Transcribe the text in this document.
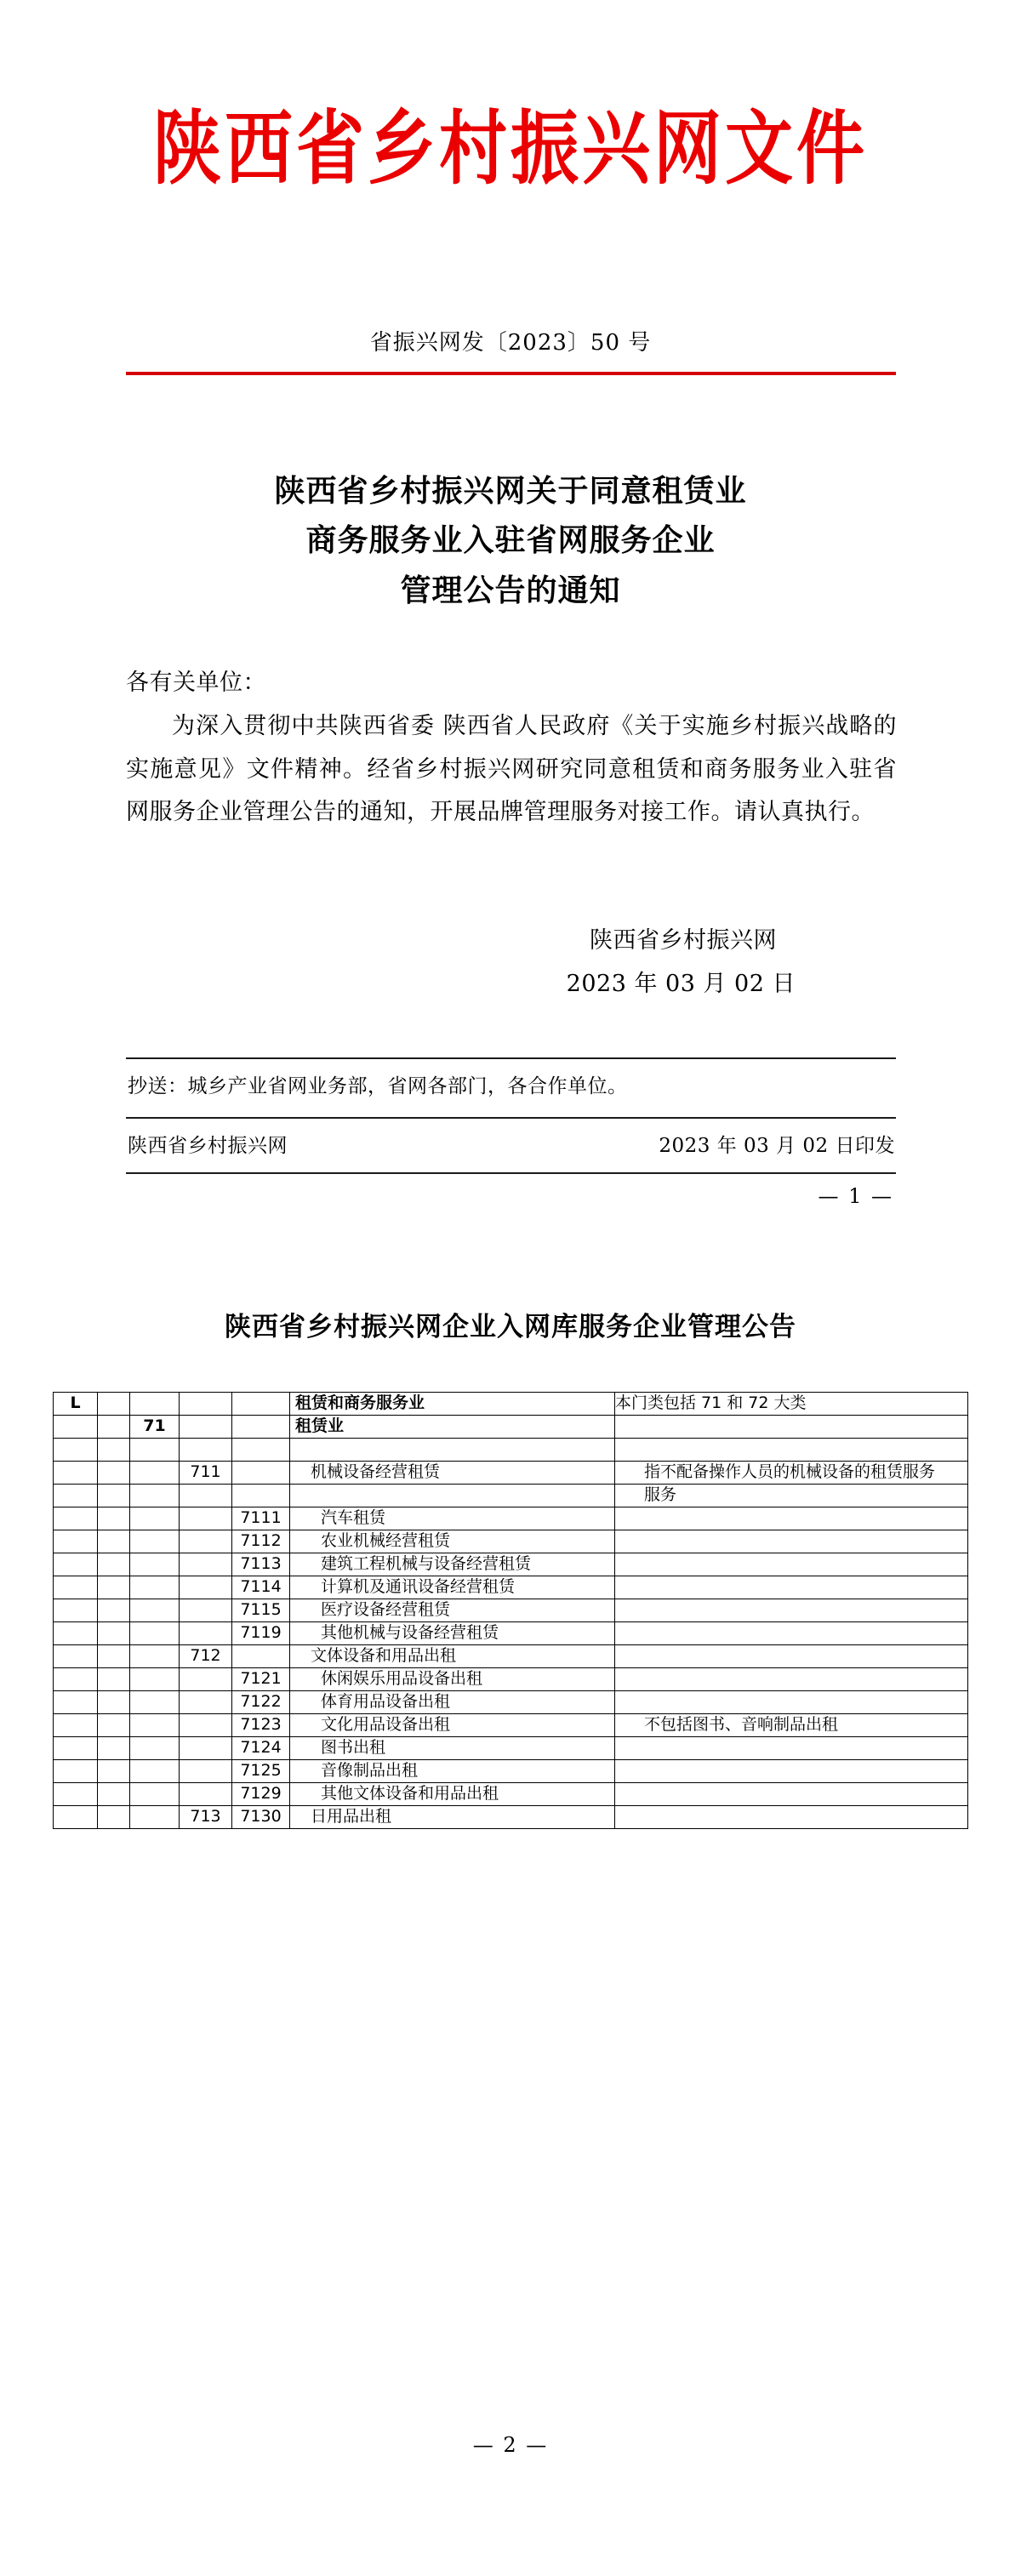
陕西省乡村振兴网文件
省振兴网发〔2023〕50 号
陕西省乡村振兴网关于同意租赁业
商务服务业入驻省网服务企业
管理公告的通知
各有关单位：
为深入贯彻中共陕西省委 陕西省人民政府《关于实施乡村振兴战略的实施意见》文件精神。经省乡村振兴网研究同意租赁和商务服务业入驻省网服务企业管理公告的通知，开展品牌管理服务对接工作。请认真执行。
陕西省乡村振兴网
2023 年 03 月 02 日
抄送：城乡产业省网业务部，省网各部门，各合作单位。
陕西省乡村振兴网	2023 年 03 月 02 日印发
— 1 —
陕西省乡村振兴网企业入网库服务企业管理公告
L					租赁和商务服务业	本门类包括 71 和 72 大类
		71			租赁业	

			711		机械设备经营租赁	指不配备操作人员的机械设备的租赁服务
						服务
				7111	汽车租赁	
				7112	农业机械经营租赁	
				7113	建筑工程机械与设备经营租赁	
				7114	计算机及通讯设备经营租赁	
				7115	医疗设备经营租赁	
				7119	其他机械与设备经营租赁	
			712		文体设备和用品出租	
				7121	休闲娱乐用品设备出租	
				7122	体育用品设备出租	
				7123	文化用品设备出租	不包括图书、音响制品出租
				7124	图书出租	
				7125	音像制品出租	
				7129	其他文体设备和用品出租	
			713	7130	日用品出租	
— 2 —
